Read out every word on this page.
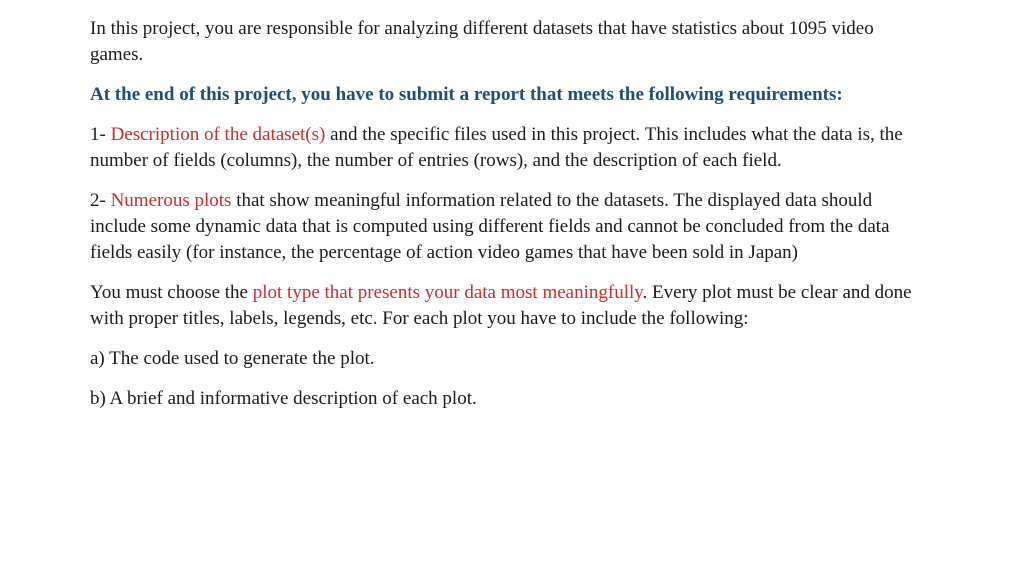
In this project, you are responsible for analyzing different datasets that have statistics about 1095 video games.

At the end of this project, you have to submit a report that meets the following requirements:

1- Description of the dataset(s) and the specific files used in this project. This includes what the data is, the number of fields (columns), the number of entries (rows), and the description of each field.

2- Numerous plots that show meaningful information related to the datasets. The displayed data should include some dynamic data that is computed using different fields and cannot be concluded from the data fields easily (for instance, the percentage of action video games that have been sold in Japan)

You must choose the plot type that presents your data most meaningfully. Every plot must be clear and done with proper titles, labels, legends, etc. For each plot you have to include the following:

a) The code used to generate the plot.

b) A brief and informative description of each plot.
